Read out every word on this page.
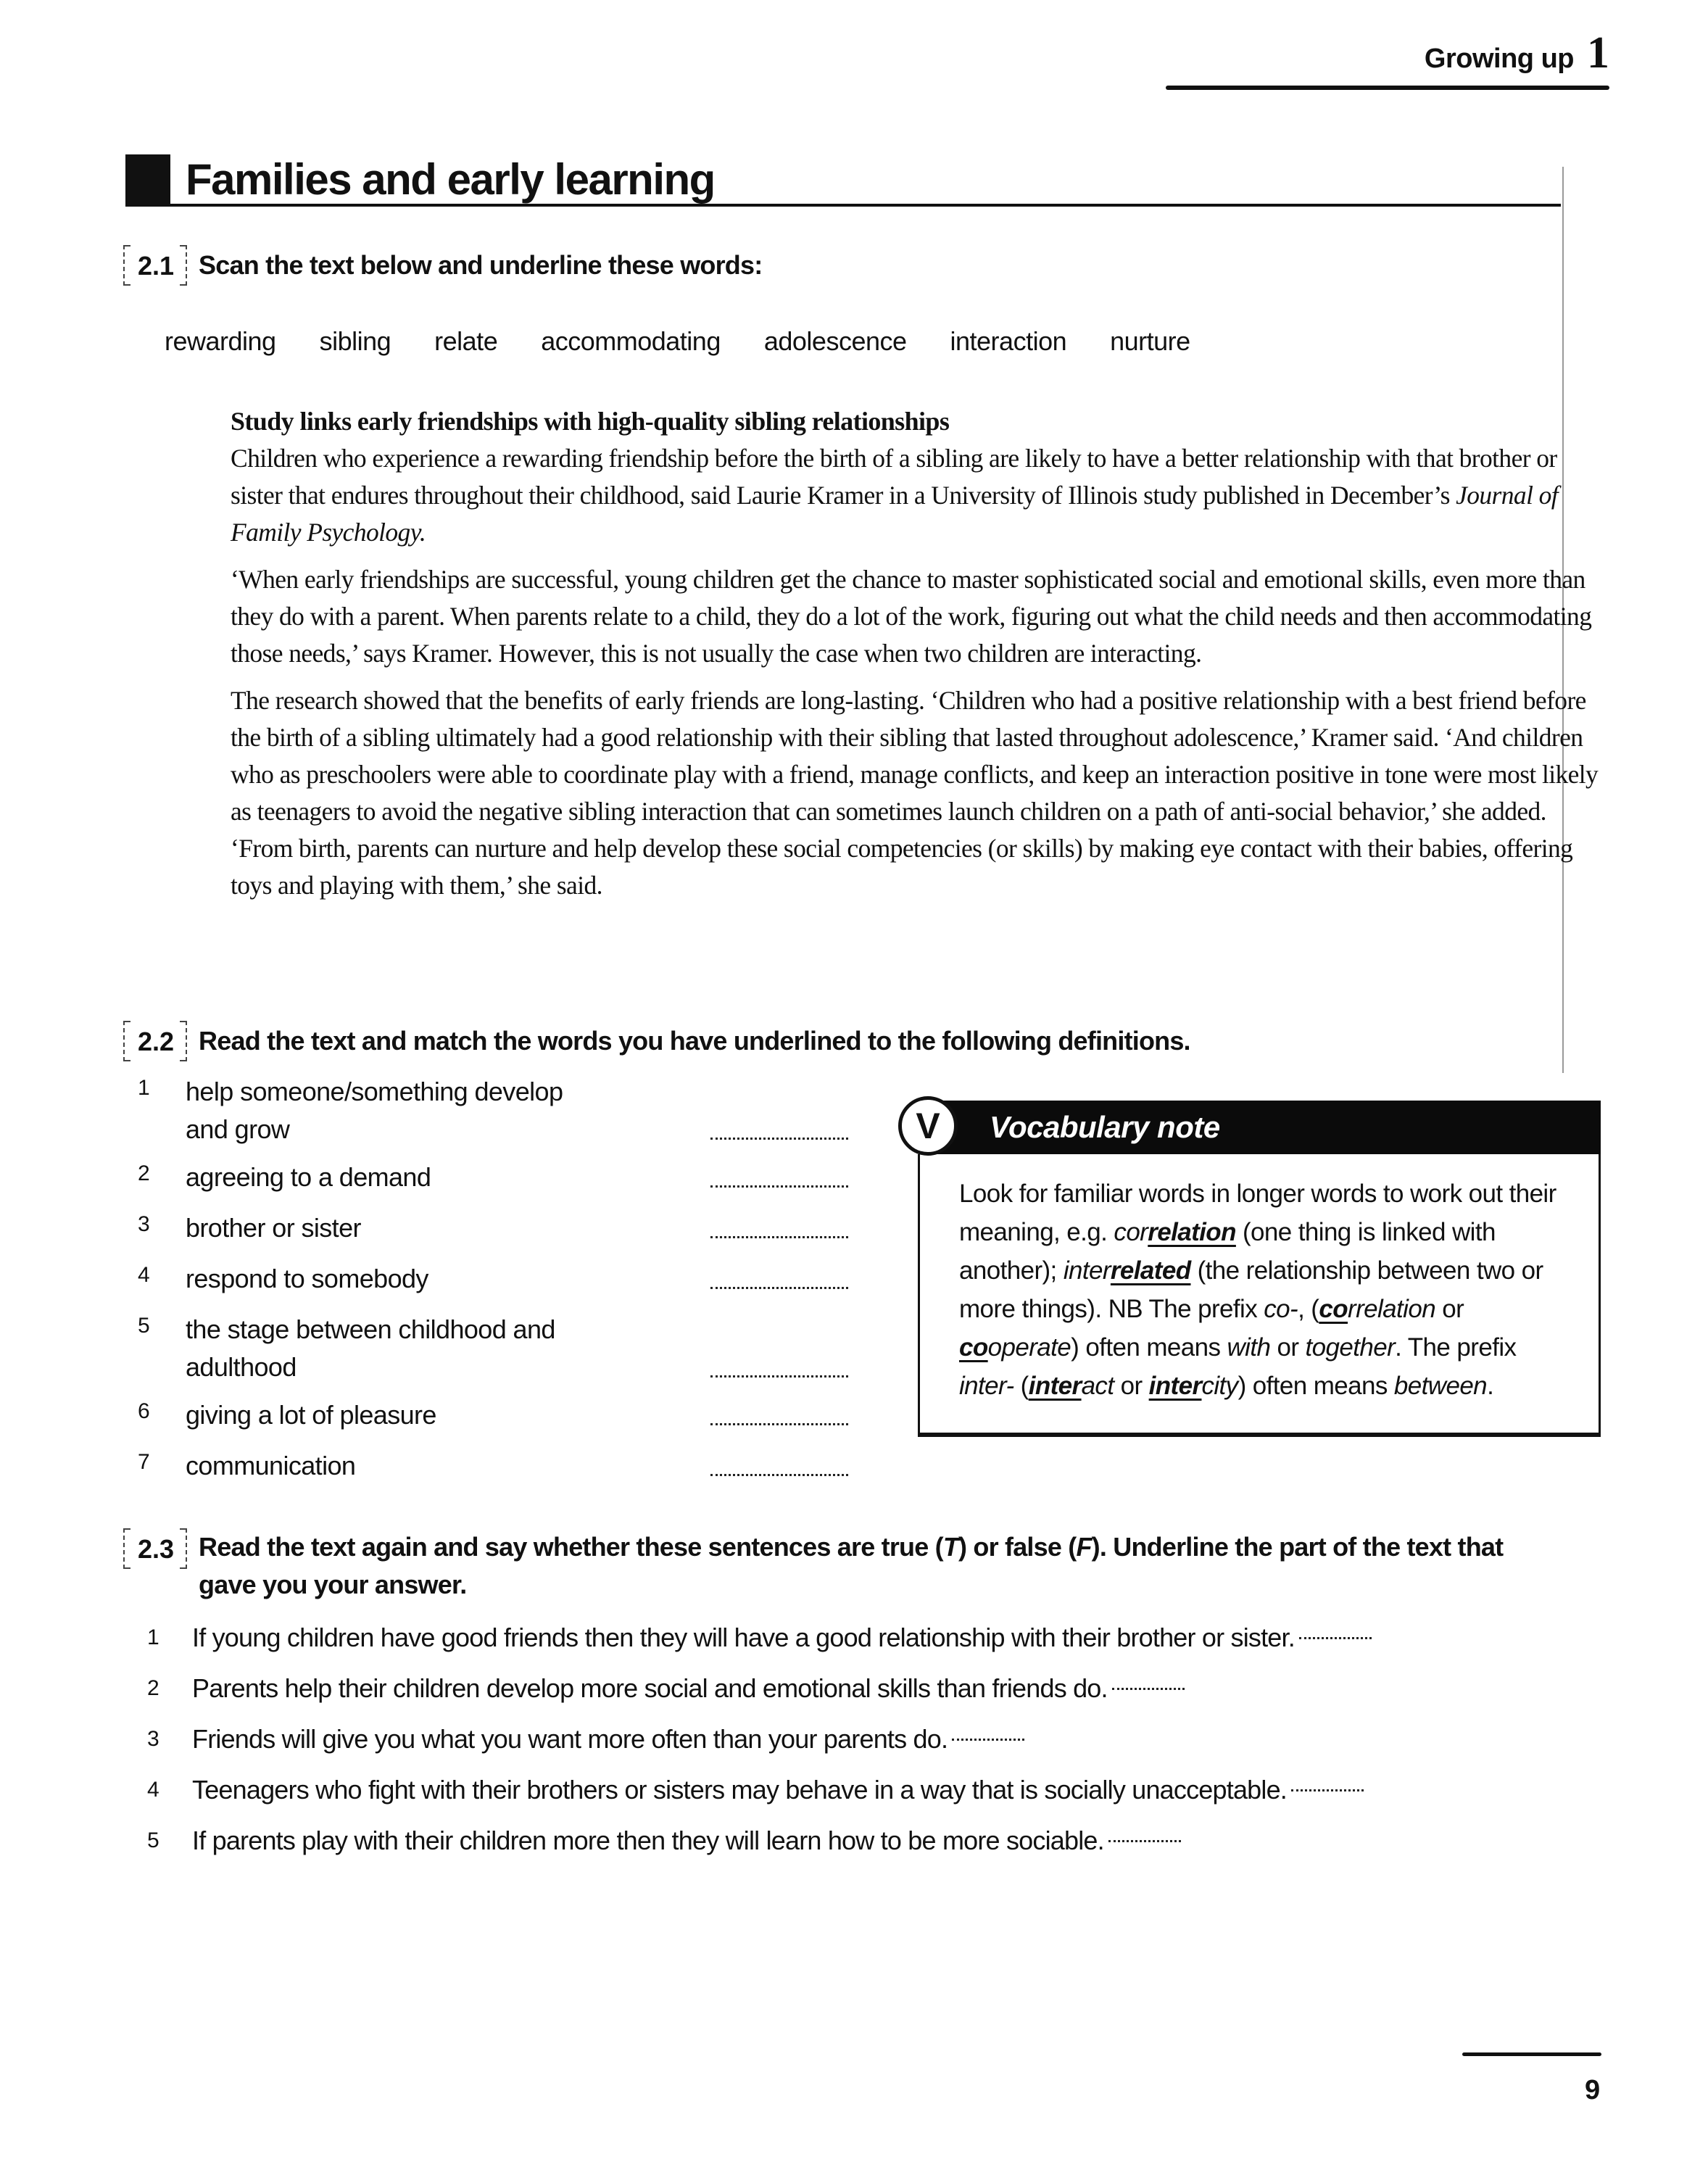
Growing up 1
Families and early learning
2.1 Scan the text below and underline these words:
rewarding sibling relate accommodating adolescence interaction nurture
Study links early friendships with high-quality sibling relationships

Children who experience a rewarding friendship before the birth of a sibling are likely to have a better relationship with that brother or sister that endures throughout their childhood, said Laurie Kramer in a University of Illinois study published in December’s Journal of Family Psychology.

‘When early friendships are successful, young children get the chance to master sophisticated social and emotional skills, even more than they do with a parent. When parents relate to a child, they do a lot of the work, figuring out what the child needs and then accommodating those needs,’ says Kramer. However, this is not usually the case when two children are interacting.

The research showed that the benefits of early friends are long-lasting. ‘Children who had a positive relationship with a best friend before the birth of a sibling ultimately had a good relationship with their sibling that lasted throughout adolescence,’ Kramer said. ‘And children who as preschoolers were able to coordinate play with a friend, manage conflicts, and keep an interaction positive in tone were most likely as teenagers to avoid the negative sibling interaction that can sometimes launch children on a path of anti-social behavior,’ she added. ‘From birth, parents can nurture and help develop these social competencies (or skills) by making eye contact with their babies, offering toys and playing with them,’ she said.

2.2 Read the text and match the words you have underlined to the following definitions.
1	help someone/something develop and grow
2	agreeing to a demand
3	brother or sister
4	respond to somebody
5	the stage between childhood and adulthood
6	giving a lot of pleasure
7	communication
V	Vocabulary note
Look for familiar words in longer words to work out their meaning, e.g. correlation (one thing is linked with another); interrelated (the relationship between two or more things). NB The prefix co-, (correlation or cooperate) often means with or together. The prefix inter- (interact or intercity) often means between.
2.3 Read the text again and say whether these sentences are true (T) or false (F). Underline the part of the text that gave you your answer.
1	If young children have good friends then they will have a good relationship with their brother or sister.
2	Parents help their children develop more social and emotional skills than friends do.
3	Friends will give you what you want more often than your parents do.
4	Teenagers who fight with their brothers or sisters may behave in a way that is socially unacceptable.
5	If parents play with their children more then they will learn how to be more sociable.
9
